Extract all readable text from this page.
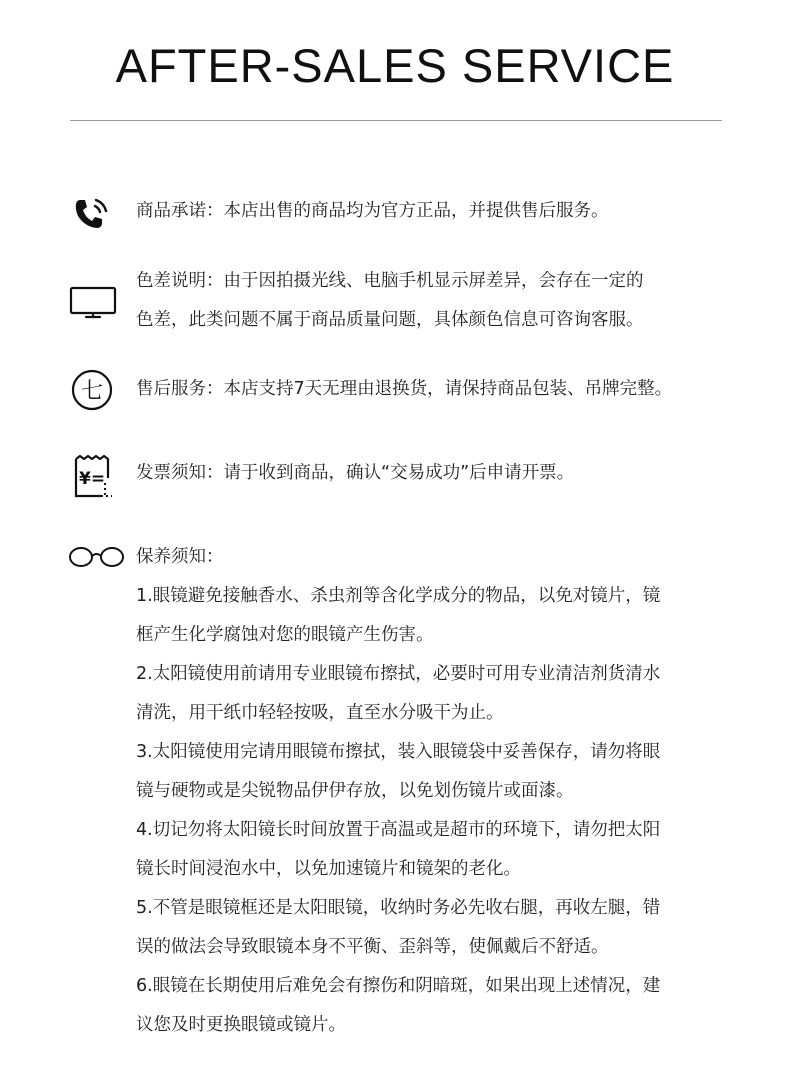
AFTER-SALES SERVICE
商品承诺：本店出售的商品均为官方正品，并提供售后服务。
色差说明：由于因拍摄光线、电脑手机显示屏差异，会存在一定的
色差，此类问题不属于商品质量问题，具体颜色信息可咨询客服。
七 售后服务：本店支持7天无理由退换货，请保持商品包装、吊牌完整。
¥= 发票须知：请于收到商品，确认“交易成功”后申请开票。
保养须知：
1.眼镜避免接触香水、杀虫剂等含化学成分的物品，以免对镜片，镜
框产生化学腐蚀对您的眼镜产生伤害。
2.太阳镜使用前请用专业眼镜布擦拭，必要时可用专业清洁剂货清水
清洗，用干纸巾轻轻按吸，直至水分吸干为止。
3.太阳镜使用完请用眼镜布擦拭，装入眼镜袋中妥善保存，请勿将眼
镜与硬物或是尖锐物品伊伊存放，以免划伤镜片或面漆。
4.切记勿将太阳镜长时间放置于高温或是超市的环境下，请勿把太阳
镜长时间浸泡水中，以免加速镜片和镜架的老化。
5.不管是眼镜框还是太阳眼镜，收纳时务必先收右腿，再收左腿，错
误的做法会导致眼镜本身不平衡、歪斜等，使佩戴后不舒适。
6.眼镜在长期使用后难免会有擦伤和阴暗斑，如果出现上述情况，建
议您及时更换眼镜或镜片。
